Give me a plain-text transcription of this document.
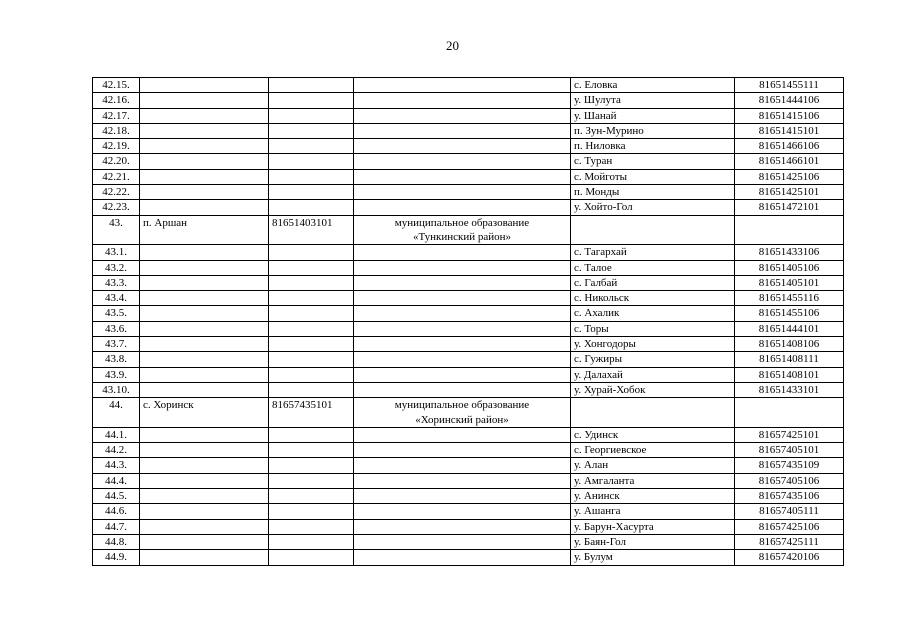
20
42.15.				с. Еловка	81651455111
42.16.				у. Шулута	81651444106
42.17.				у. Шанай	81651415106
42.18.				п. Зун-Мурино	81651415101
42.19.				п. Ниловка	81651466106
42.20.				с. Туран	81651466101
42.21.				с. Мойготы	81651425106
42.22.				п. Монды	81651425101
42.23.				у. Хойто-Гол	81651472101
43.	п. Аршан	81651403101	муниципальное образование
«Тункинский район»		

43.1.				с. Тагархай	81651433106
43.2.				с. Талое	81651405106
43.3.				с. Галбай	81651405101
43.4.				с. Никольск	81651455116
43.5.				с. Ахалик	81651455106
43.6.				с. Торы	81651444101
43.7.				у. Хонгодоры	81651408106
43.8.				с. Гужиры	81651408111
43.9.				у. Далахай	81651408101
43.10.				у. Хурай-Хобок	81651433101
44.	с. Хоринск	81657435101	муниципальное образование
«Хоринский район»		

44.1.				с. Удинск	81657425101
44.2.				с. Георгиевское	81657405101
44.3.				у. Алан	81657435109
44.4.				у. Амгаланта	81657405106
44.5.				у. Анинск	81657435106
44.6.				у. Ашанга	81657405111
44.7.				у. Барун-Хасурта	81657425106
44.8.				у. Баян-Гол	81657425111
44.9.				у. Булум	81657420106
